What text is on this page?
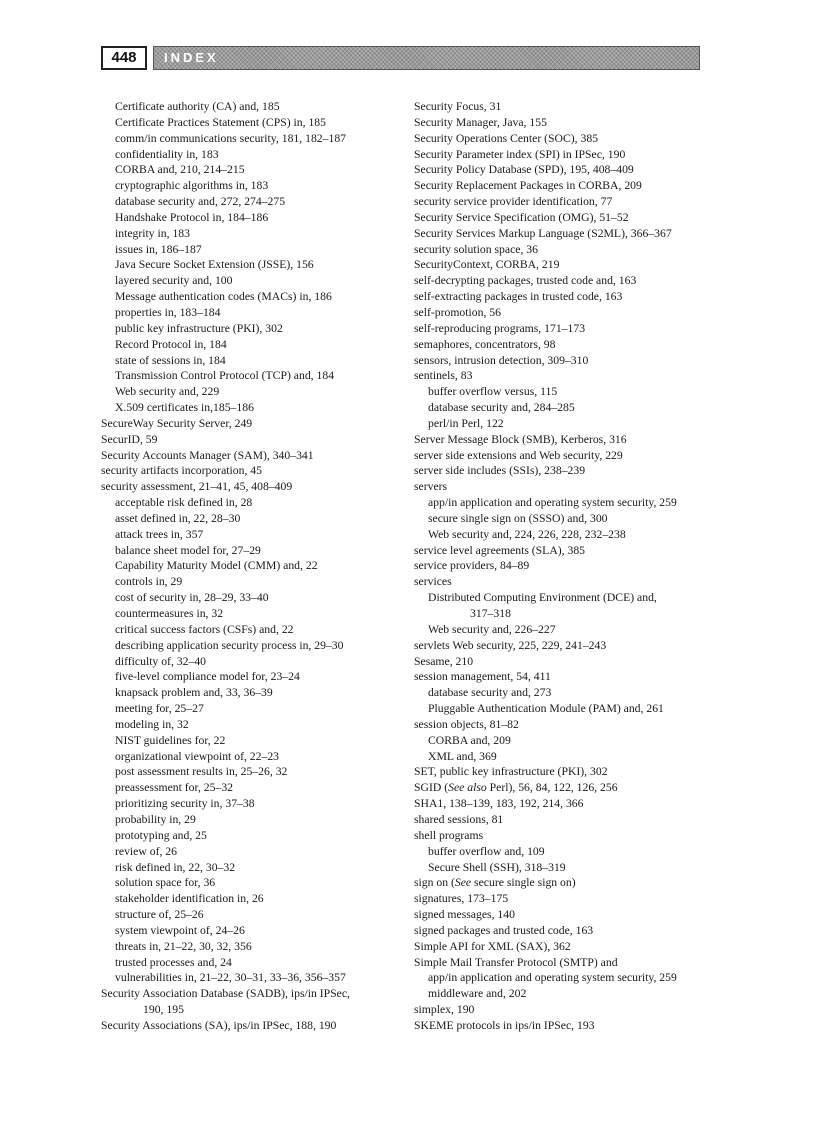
448	INDEX
Certificate authority (CA) and, 185
Certificate Practices Statement (CPS) in, 185
comm/in communications security, 181, 182–187
confidentiality in, 183
CORBA and, 210, 214–215
cryptographic algorithms in, 183
database security and, 272, 274–275
Handshake Protocol in, 184–186
integrity in, 183
issues in, 186–187
Java Secure Socket Extension (JSSE), 156
layered security and, 100
Message authentication codes (MACs) in, 186
properties in, 183–184
public key infrastructure (PKI), 302
Record Protocol in, 184
state of sessions in, 184
Transmission Control Protocol (TCP) and, 184
Web security and, 229
X.509 certificates in,185–186
SecureWay Security Server, 249
SecurID, 59
Security Accounts Manager (SAM), 340–341
security artifacts incorporation, 45
security assessment, 21–41, 45, 408–409
acceptable risk defined in, 28
asset defined in, 22, 28–30
attack trees in, 357
balance sheet model for, 27–29
Capability Maturity Model (CMM) and, 22
controls in, 29
cost of security in, 28–29, 33–40
countermeasures in, 32
critical success factors (CSFs) and, 22
describing application security process in, 29–30
difficulty of, 32–40
five-level compliance model for, 23–24
knapsack problem and, 33, 36–39
meeting for, 25–27
modeling in, 32
NIST guidelines for, 22
organizational viewpoint of, 22–23
post assessment results in, 25–26, 32
preassessment for, 25–32
prioritizing security in, 37–38
probability in, 29
prototyping and, 25
review of, 26
risk defined in, 22, 30–32
solution space for, 36
stakeholder identification in, 26
structure of, 25–26
system viewpoint of, 24–26
threats in, 21–22, 30, 32, 356
trusted processes and, 24
vulnerabilities in, 21–22, 30–31, 33–36, 356–357
Security Association Database (SADB), ips/in IPSec,
190, 195
Security Associations (SA), ips/in IPSec, 188, 190
Security Focus, 31
Security Manager, Java, 155
Security Operations Center (SOC), 385
Security Parameter index (SPI) in IPSec, 190
Security Policy Database (SPD), 195, 408–409
Security Replacement Packages in CORBA, 209
security service provider identification, 77
Security Service Specification (OMG), 51–52
Security Services Markup Language (S2ML), 366–367
security solution space, 36
SecurityContext, CORBA, 219
self-decrypting packages, trusted code and, 163
self-extracting packages in trusted code, 163
self-promotion, 56
self-reproducing programs, 171–173
semaphores, concentrators, 98
sensors, intrusion detection, 309–310
sentinels, 83
buffer overflow versus, 115
database security and, 284–285
perl/in Perl, 122
Server Message Block (SMB), Kerberos, 316
server side extensions and Web security, 229
server side includes (SSIs), 238–239
servers
app/in application and operating system security, 259
secure single sign on (SSSO) and, 300
Web security and, 224, 226, 228, 232–238
service level agreements (SLA), 385
service providers, 84–89
services
Distributed Computing Environment (DCE) and,
317–318
Web security and, 226–227
servlets Web security, 225, 229, 241–243
Sesame, 210
session management, 54, 411
database security and, 273
Pluggable Authentication Module (PAM) and, 261
session objects, 81–82
CORBA and, 209
XML and, 369
SET, public key infrastructure (PKI), 302
SGID (See also Perl), 56, 84, 122, 126, 256
SHA1, 138–139, 183, 192, 214, 366
shared sessions, 81
shell programs
buffer overflow and, 109
Secure Shell (SSH), 318–319
sign on (See secure single sign on)
signatures, 173–175
signed messages, 140
signed packages and trusted code, 163
Simple API for XML (SAX), 362
Simple Mail Transfer Protocol (SMTP) and
app/in application and operating system security, 259
middleware and, 202
simplex, 190
SKEME protocols in ips/in IPSec, 193
